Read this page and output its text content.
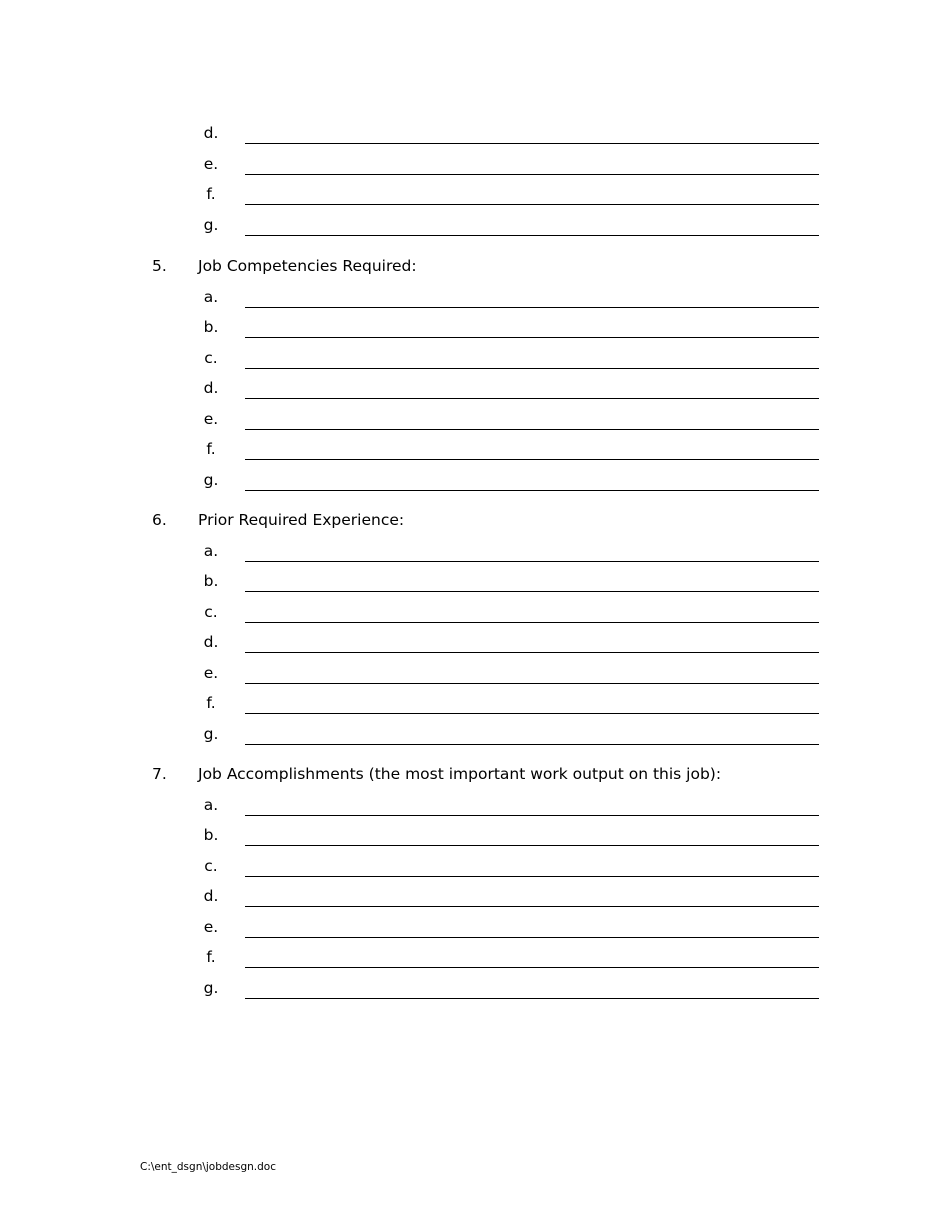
d.
e.
f.
g.
5. Job Competencies Required:
a.
b.
c.
d.
e.
f.
g.
6. Prior Required Experience:
a.
b.
c.
d.
e.
f.
g.
7. Job Accomplishments (the most important work output on this job):
a.
b.
c.
d.
e.
f.
g.
C:\ent_dsgn\jobdesgn.doc
